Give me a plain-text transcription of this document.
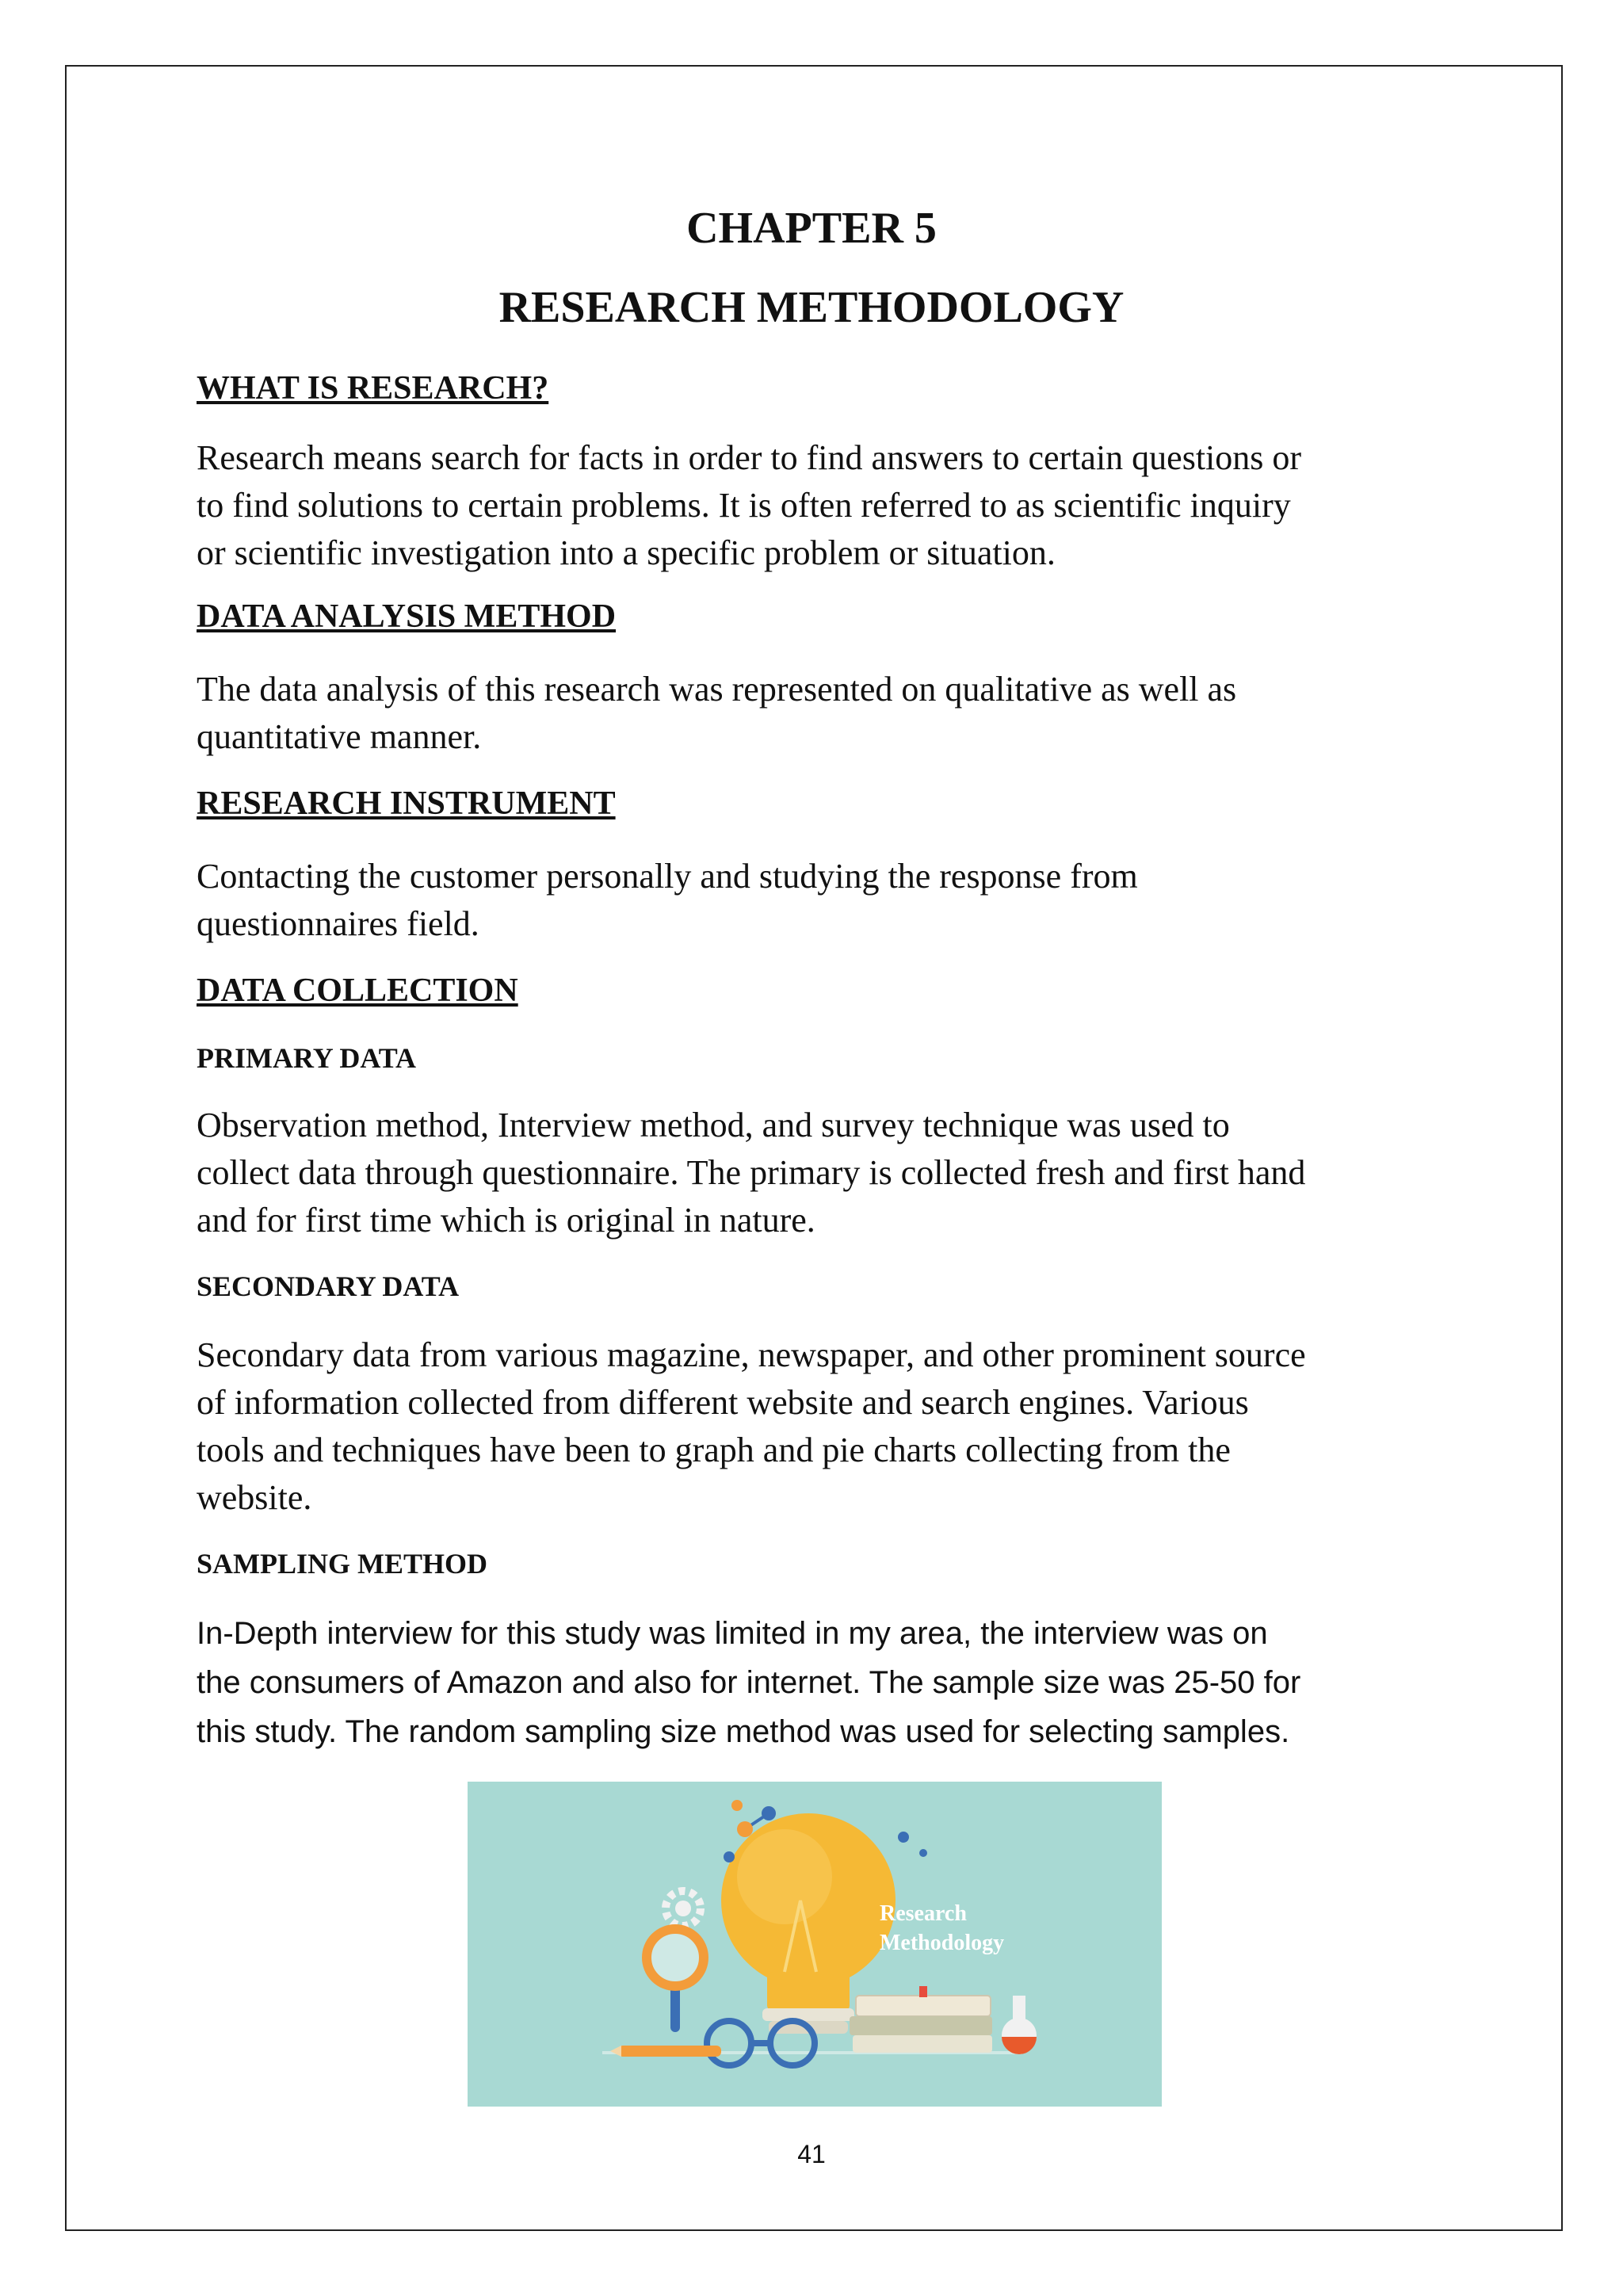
CHAPTER 5
RESEARCH METHODOLOGY
WHAT IS RESEARCH?
Research means search for facts in order to find answers to certain questions or
to find solutions to certain problems. It is often referred to as scientific inquiry
or scientific investigation into a specific problem or situation.
DATA ANALYSIS METHOD
The data analysis of this research was represented on qualitative as well as
quantitative manner.
RESEARCH INSTRUMENT
Contacting the customer personally and studying the response from
questionnaires field.
DATA COLLECTION
PRIMARY DATA
Observation method, Interview method, and survey technique was used to
collect data through questionnaire. The primary is collected fresh and first hand
and for first time which is original in nature.
SECONDARY DATA
Secondary data from various magazine, newspaper, and other prominent source
of information collected from different website and search engines. Various
tools and techniques have been to graph and pie charts collecting from the
website.
SAMPLING METHOD
In-Depth interview for this study was limited in my area, the interview was on
the consumers of Amazon and also for internet. The sample size was 25-50 for
this study. The random sampling size method was used for selecting samples.
Research
Methodology
41
